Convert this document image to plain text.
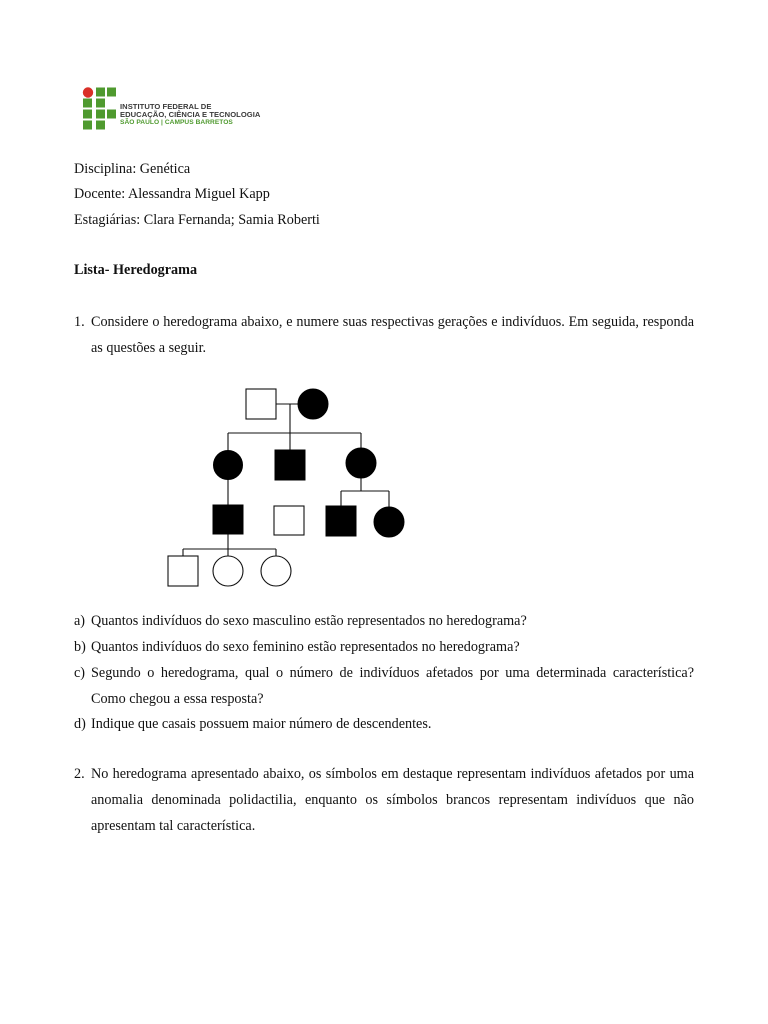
INSTITUTO FEDERAL DE
EDUCAÇÃO, CIÊNCIA E TECNOLOGIA
SÃO PAULO | CAMPUS BARRETOS
Disciplina: Genética
Docente: Alessandra Miguel Kapp
Estagiárias: Clara Fernanda; Samia Roberti
Lista- Heredograma
1. Considere o heredograma abaixo, e numere suas respectivas gerações e indivíduos. Em seguida, responda as questões a seguir.
a) Quantos indivíduos do sexo masculino estão representados no heredograma?
b) Quantos indivíduos do sexo feminino estão representados no heredograma?
c) Segundo o heredograma, qual o número de indivíduos afetados por uma determinada característica? Como chegou a essa resposta?
d) Indique que casais possuem maior número de descendentes.
2. No heredograma apresentado abaixo, os símbolos em destaque representam indivíduos afetados por uma anomalia denominada polidactilia, enquanto os símbolos brancos representam indivíduos que não apresentam tal característica.
